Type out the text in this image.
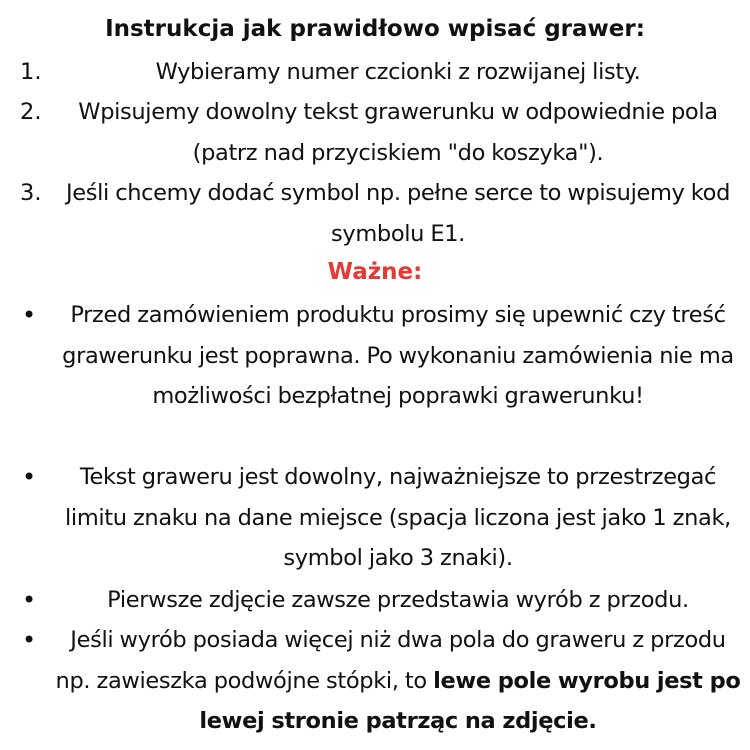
Instrukcja jak prawidłowo wpisać grawer:
1.	Wybieramy numer czcionki z rozwijanej listy.
2.	Wpisujemy dowolny tekst grawerunku w odpowiednie pola (patrz nad przyciskiem "do koszyka").
3.	Jeśli chcemy dodać symbol np. pełne serce to wpisujemy kod symbolu E1.
Ważne:
•	Przed zamówieniem produktu prosimy się upewnić czy treść grawerunku jest poprawna. Po wykonaniu zamówienia nie ma możliwości bezpłatnej poprawki grawerunku!
•	Tekst graweru jest dowolny, najważniejsze to przestrzegać limitu znaku na dane miejsce (spacja liczona jest jako 1 znak, symbol jako 3 znaki).
•	Pierwsze zdjęcie zawsze przedstawia wyrób z przodu.
•	Jeśli wyrób posiada więcej niż dwa pola do graweru z przodu np. zawieszka podwójne stópki, to lewe pole wyrobu jest po lewej stronie patrząc na zdjęcie.
